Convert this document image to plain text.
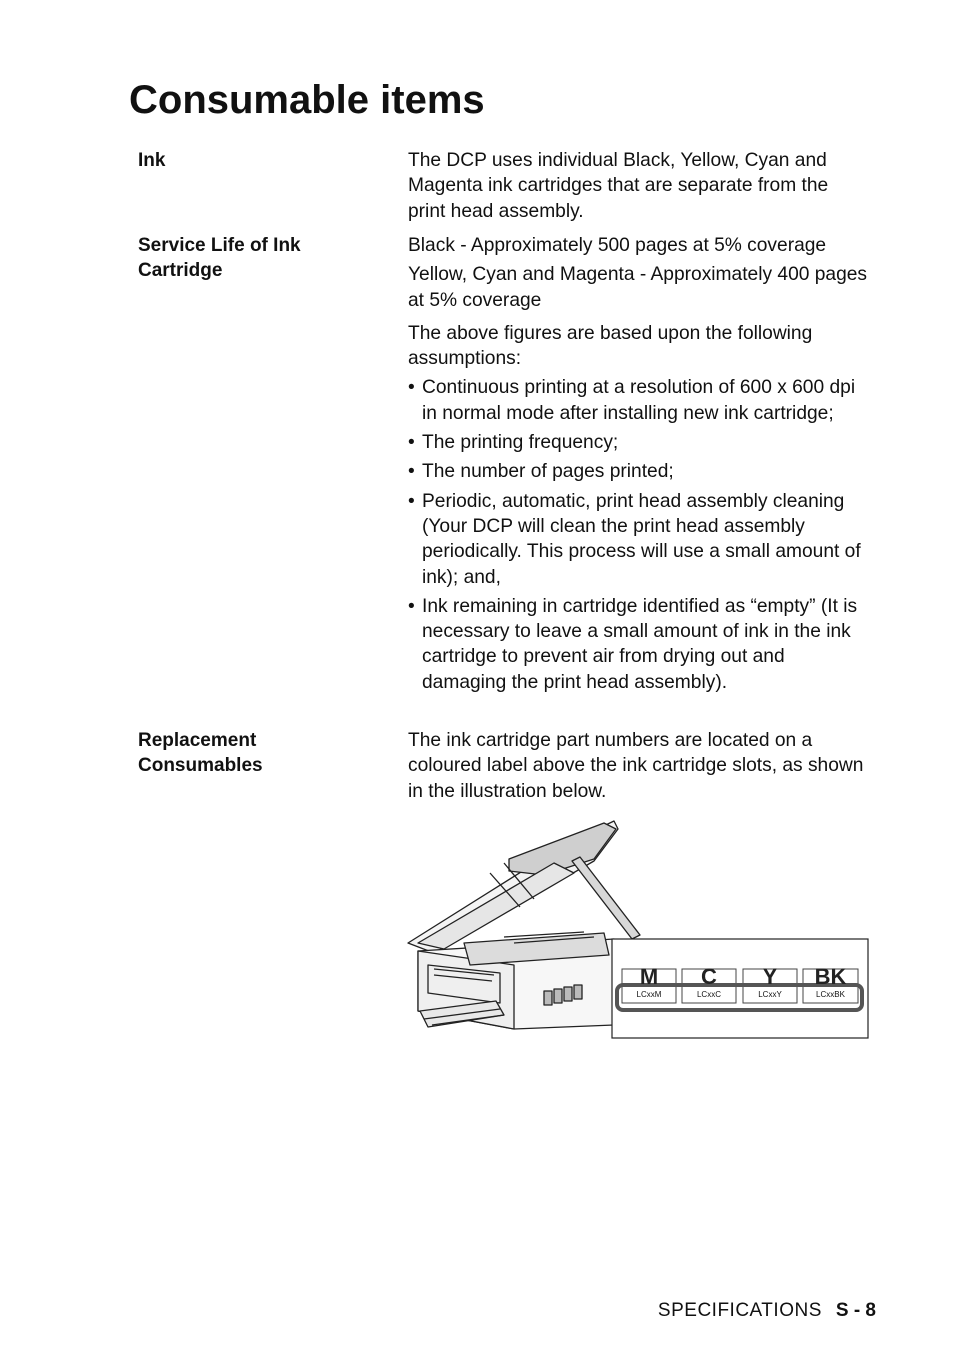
Consumable items
Ink	The DCP uses individual Black, Yellow, Cyan and Magenta ink cartridges that are separate from the print head assembly.

Service Life of Ink
Cartridge

Black - Approximately 500 pages at 5% coverage

Yellow, Cyan and Magenta - Approximately 400 pages at 5% coverage

The above figures are based upon the following assumptions:

• Continuous printing at a resolution of 600 x 600 dpi in normal mode after installing new ink cartridge;
• The printing frequency;
• The number of pages printed;
• Periodic, automatic, print head assembly cleaning (Your DCP will clean the print head assembly periodically. This process will use a small amount of ink); and,
• Ink remaining in cartridge identified as “empty” (It is necessary to leave a small amount of ink in the ink cartridge to prevent air from drying out and damaging the print head assembly).
Replacement
Consumables

The ink cartridge part numbers are located on a coloured label above the ink cartridge slots, as shown in the illustration below.

M
LCxxM
C
LCxxC
Y
LCxxY
BK
LCxxBK
SPECIFICATIONS S - 8
